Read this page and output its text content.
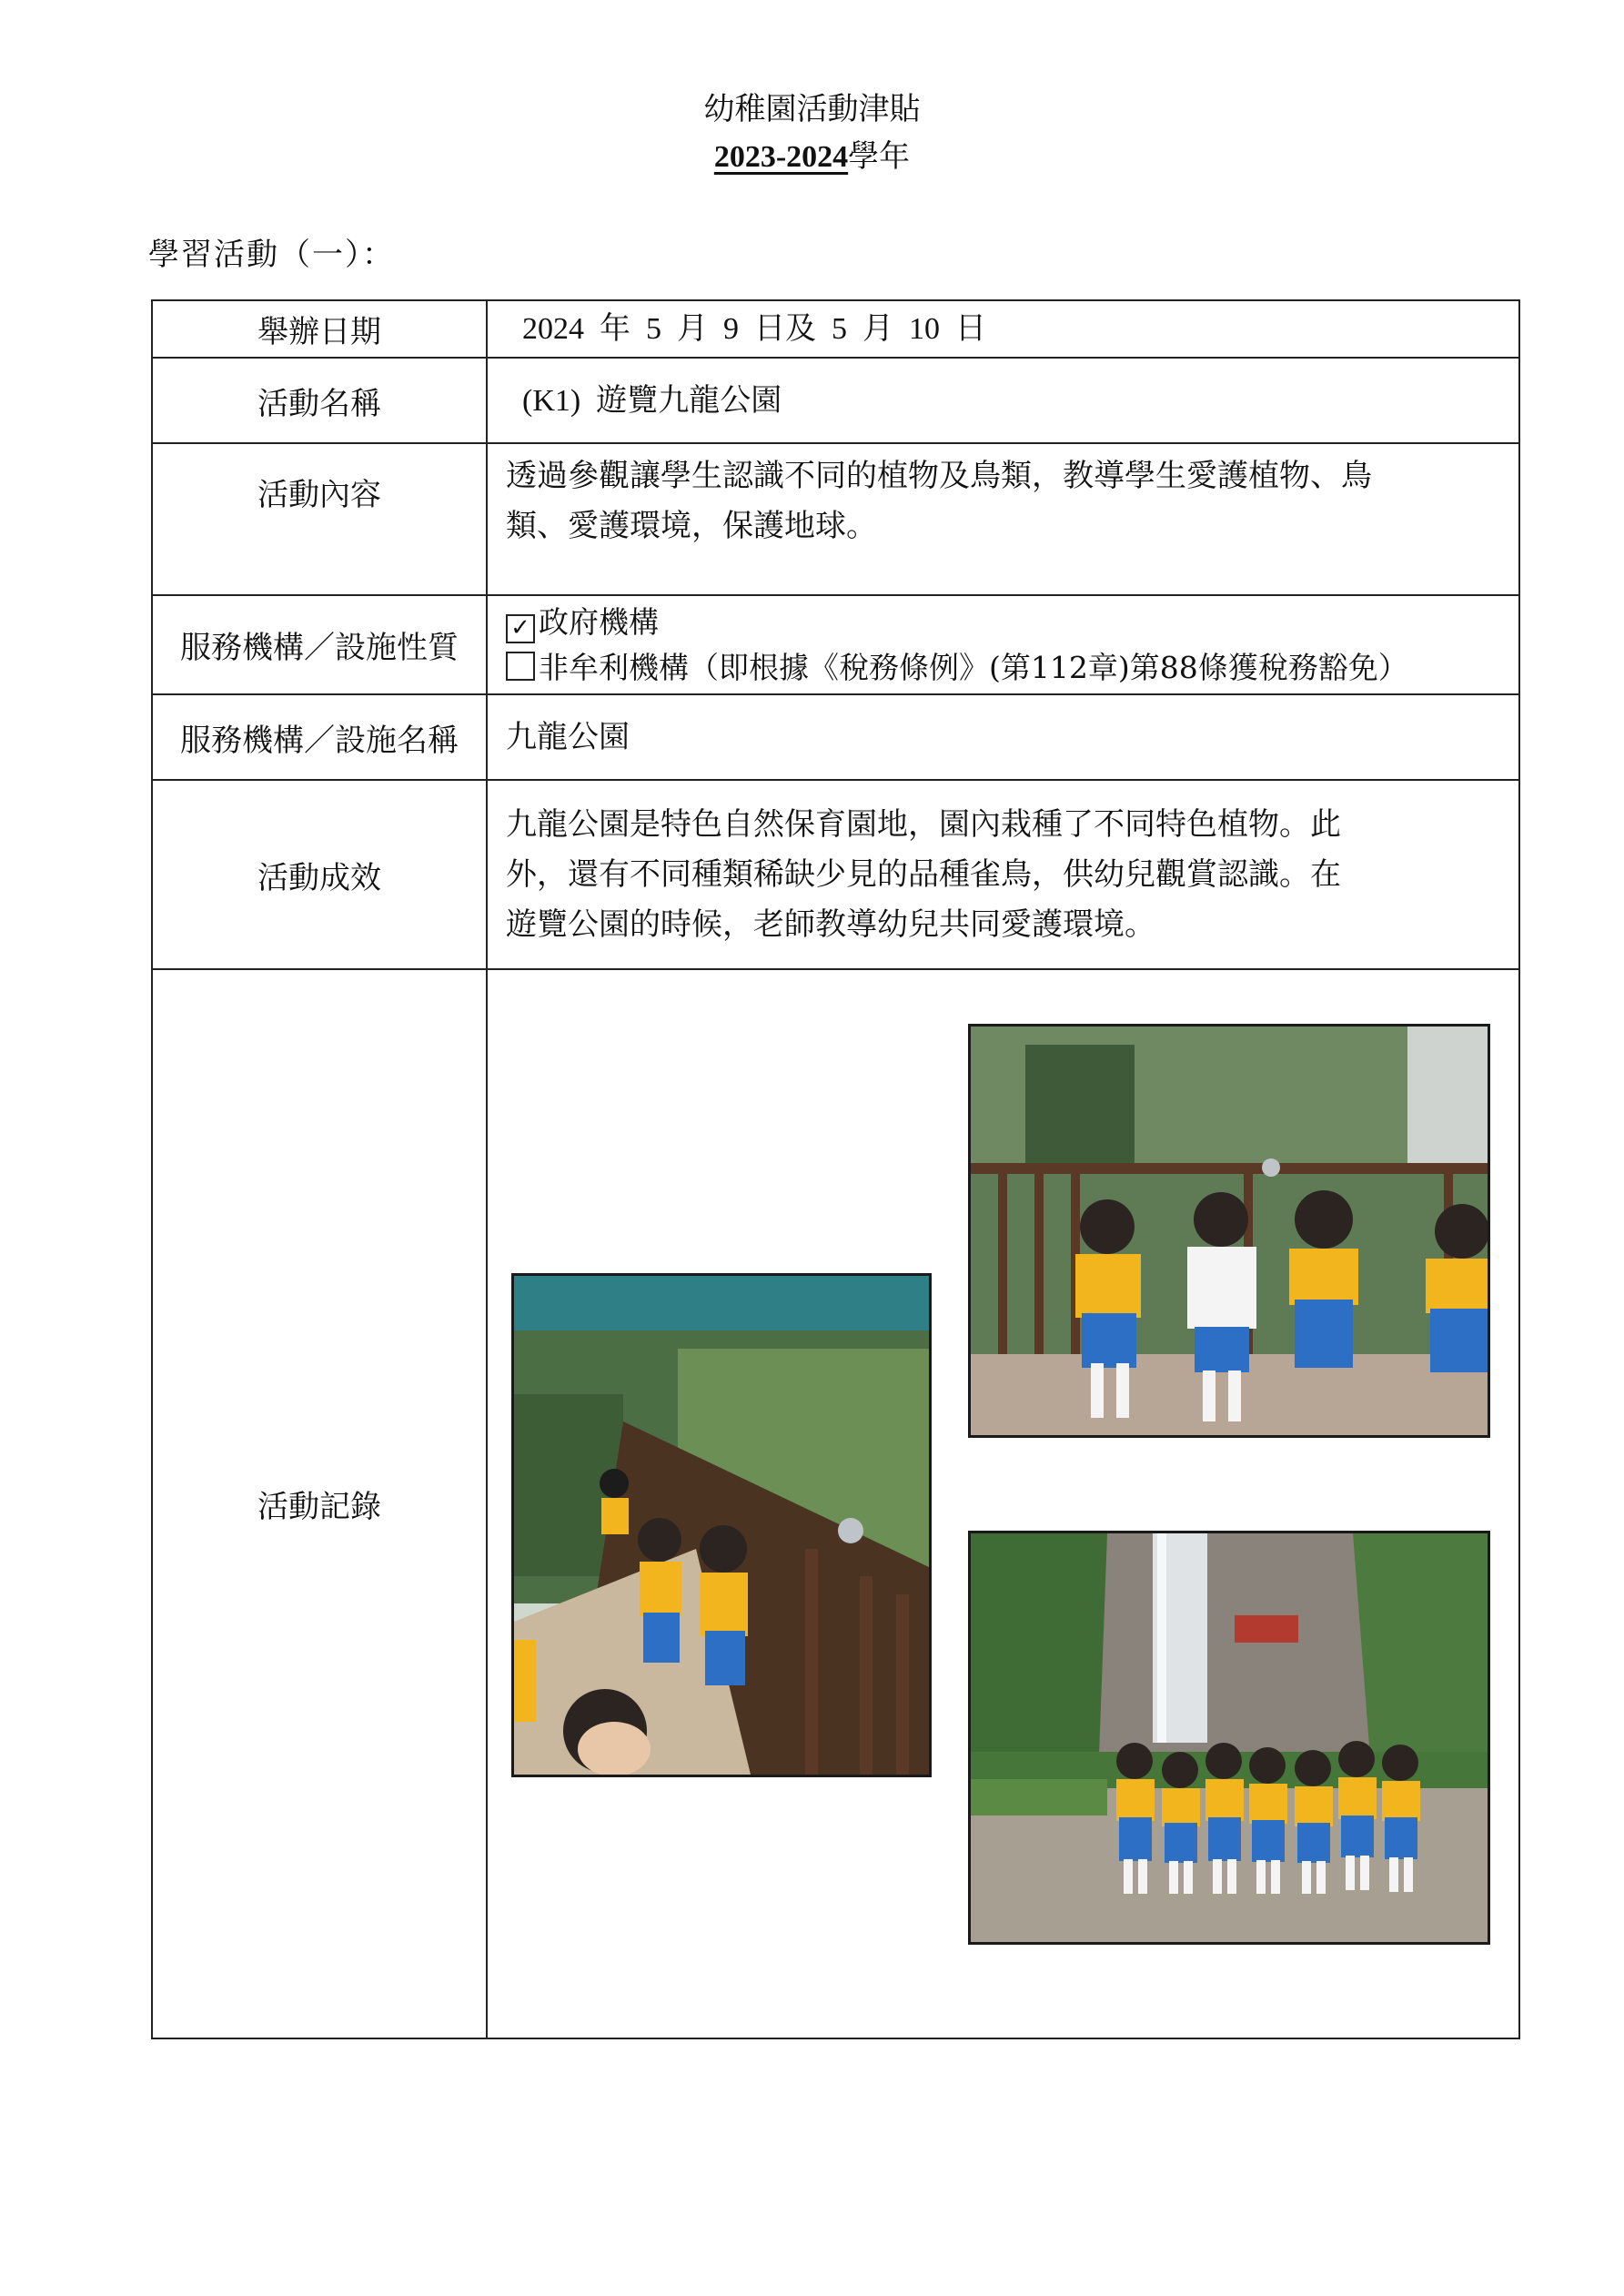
幼稚園活動津貼
2023-2024學年
學習活動（一）：
舉辦日期	2024  年  5  月  9  日及  5  月  10  日
活動名稱	(K1)  遊覽九龍公園
活動內容	透過參觀讓學生認識不同的植物及鳥類，教導學生愛護植物、鳥
類、愛護環境，保護地球。

服務機構／設施性質	✓ 政府機構
非牟利機構（即根據《稅務條例》(第112章)第88條獲稅務豁免）

服務機構／設施名稱	九龍公園
活動成效	九龍公園是特色自然保育園地，園內栽種了不同特色植物。此
外，還有不同種類稀缺少見的品種雀鳥，供幼兒觀賞認識。在
遊覽公園的時候，老師教導幼兒共同愛護環境。

活動記錄	
